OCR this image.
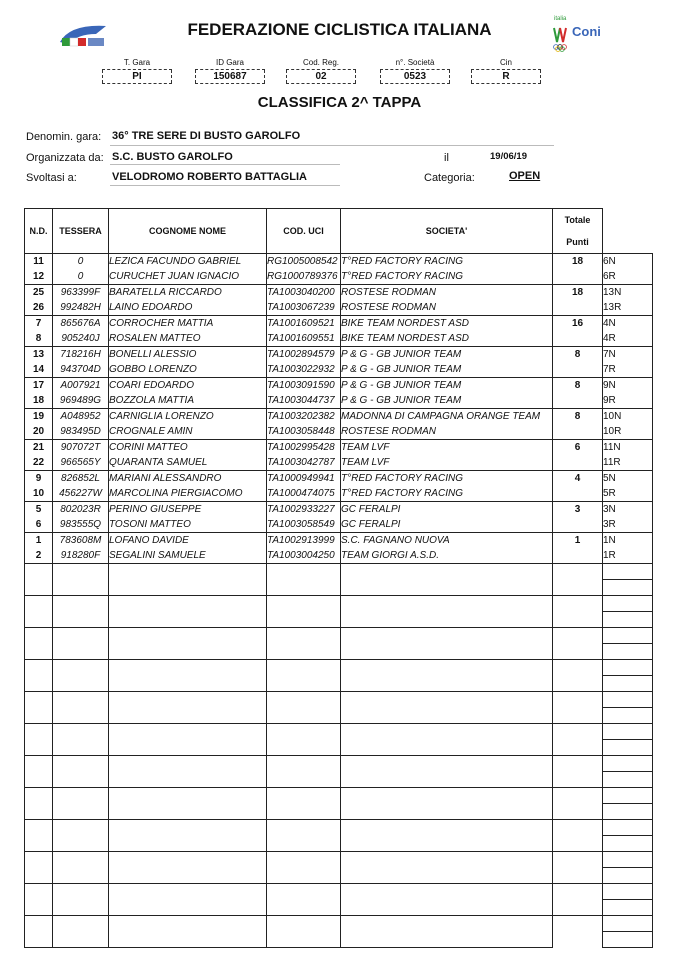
italia
Coni
FEDERAZIONE CICLISTICA ITALIANA
T. Gara
PI
ID Gara
150687
Cod. Reg.
02
n°. Società
0523
Cin
R
CLASSIFICA 2^ TAPPA
Denomin. gara: 36° TRE SERE DI BUSTO GAROLFO
Organizzata da: S.C. BUSTO GAROLFO	il	19/06/19
Svoltasi a:	VELODROMO ROBERTO BATTAGLIA	Categoria:	OPEN
N.D.	TESSERA	COGNOME NOME	COD. UCI	SOCIETA'	Totale Punti	
11	0	LEZICA FACUNDO GABRIEL	RG1005008542	T°RED FACTORY RACING	18	6N
12	0	CURUCHET JUAN IGNACIO	RG1000789376	T°RED FACTORY RACING		6R
25	963399F	BARATELLA RICCARDO	TA1003040200	ROSTESE RODMAN	18	13N
26	992482H	LAINO EDOARDO	TA1003067239	ROSTESE RODMAN		13R
7	865676A	CORROCHER MATTIA	TA1001609521	BIKE TEAM NORDEST ASD	16	4N
8	905240J	ROSALEN MATTEO	TA1001609551	BIKE TEAM NORDEST ASD		4R
13	718216H	BONELLI ALESSIO	TA1002894579	P & G - GB JUNIOR TEAM	8	7N
14	943704D	GOBBO LORENZO	TA1003022932	P & G - GB JUNIOR TEAM		7R
17	A007921	COARI EDOARDO	TA1003091590	P & G - GB JUNIOR TEAM	8	9N
18	969489G	BOZZOLA MATTIA	TA1003044737	P & G - GB JUNIOR TEAM		9R
19	A048952	CARNIGLIA LORENZO	TA1003202382	MADONNA DI CAMPAGNA ORANGE TEAM	8	10N
20	983495D	CROGNALE AMIN	TA1003058448	ROSTESE RODMAN		10R
21	907072T	CORINI MATTEO	TA1002995428	TEAM LVF	6	11N
22	966565Y	QUARANTA SAMUEL	TA1003042787	TEAM LVF		11R
9	826852L	MARIANI ALESSANDRO	TA1000949941	T°RED FACTORY RACING	4	5N
10	456227W	MARCOLINA PIERGIACOMO	TA1000474075	T°RED FACTORY RACING		5R
5	802023R	PERINO GIUSEPPE	TA1002933227	GC FERALPI	3	3N
6	983555Q	TOSONI MATTEO	TA1003058549	GC FERALPI		3R
1	783608M	LOFANO DAVIDE	TA1002913999	S.C. FAGNANO NUOVA	1	1N
2	918280F	SEGALINI SAMUELE	TA1003004250	TEAM GIORGI A.S.D.		1R
